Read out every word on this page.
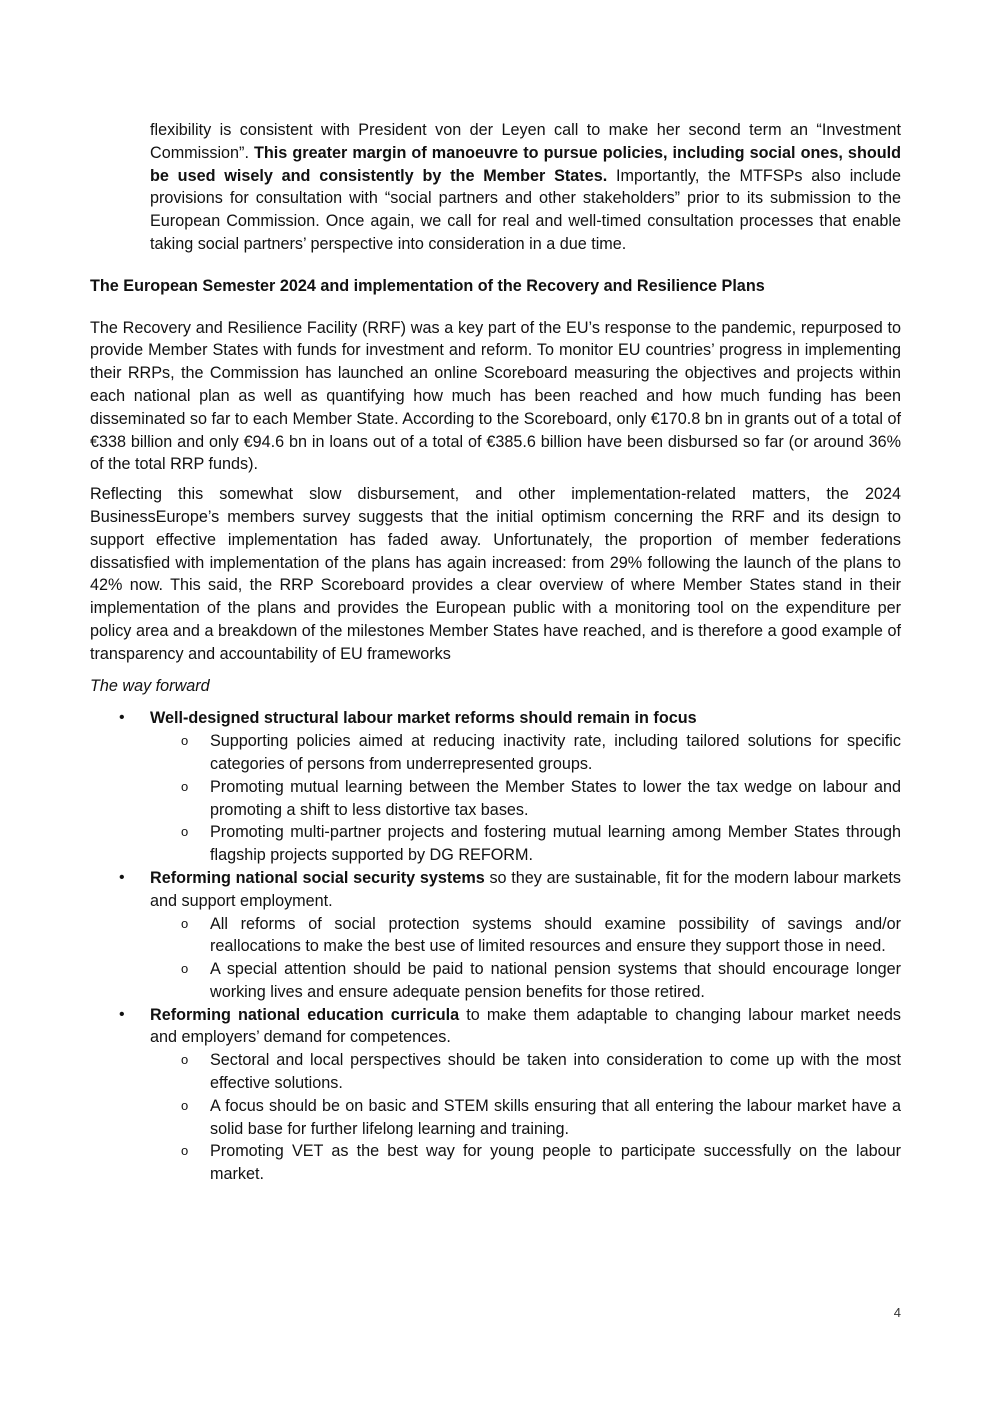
flexibility is consistent with President von der Leyen call to make her second term an “Investment Commission”. This greater margin of manoeuvre to pursue policies, including social ones, should be used wisely and consistently by the Member States. Importantly, the MTFSPs also include provisions for consultation with “social partners and other stakeholders” prior to its submission to the European Commission. Once again, we call for real and well-timed consultation processes that enable taking social partners’ perspective into consideration in a due time.

The European Semester 2024 and implementation of the Recovery and Resilience Plans

The Recovery and Resilience Facility (RRF) was a key part of the EU’s response to the pandemic, repurposed to provide Member States with funds for investment and reform. To monitor EU countries’ progress in implementing their RRPs, the Commission has launched an online Scoreboard measuring the objectives and projects within each national plan as well as quantifying how much has been reached and how much funding has been disseminated so far to each Member State. According to the Scoreboard, only €170.8 bn in grants out of a total of €338 billion and only €94.6 bn in loans out of a total of €385.6 billion have been disbursed so far (or around 36% of the total RRP funds).

Reflecting this somewhat slow disbursement, and other implementation-related matters, the 2024 BusinessEurope’s members survey suggests that the initial optimism concerning the RRF and its design to support effective implementation has faded away. Unfortunately, the proportion of member federations dissatisfied with implementation of the plans has again increased: from 29% following the launch of the plans to 42% now. This said, the RRP Scoreboard provides a clear overview of where Member States stand in their implementation of the plans and provides the European public with a monitoring tool on the expenditure per policy area and a breakdown of the milestones Member States have reached, and is therefore a good example of transparency and accountability of EU frameworks

The way forward

• Well-designed structural labour market reforms should remain in focus

o Supporting policies aimed at reducing inactivity rate, including tailored solutions for specific categories of persons from underrepresented groups.
o Promoting mutual learning between the Member States to lower the tax wedge on labour and promoting a shift to less distortive tax bases.
o Promoting multi-partner projects and fostering mutual learning among Member States through flagship projects supported by DG REFORM.
• Reforming national social security systems so they are sustainable, fit for the modern labour markets and support employment.

o All reforms of social protection systems should examine possibility of savings and/or reallocations to make the best use of limited resources and ensure they support those in need.
o A special attention should be paid to national pension systems that should encourage longer working lives and ensure adequate pension benefits for those retired.
• Reforming national education curricula to make them adaptable to changing labour market needs and employers’ demand for competences.

o Sectoral and local perspectives should be taken into consideration to come up with the most effective solutions.
o A focus should be on basic and STEM skills ensuring that all entering the labour market have a solid base for further lifelong learning and training.
o Promoting VET as the best way for young people to participate successfully on the labour market.
4
